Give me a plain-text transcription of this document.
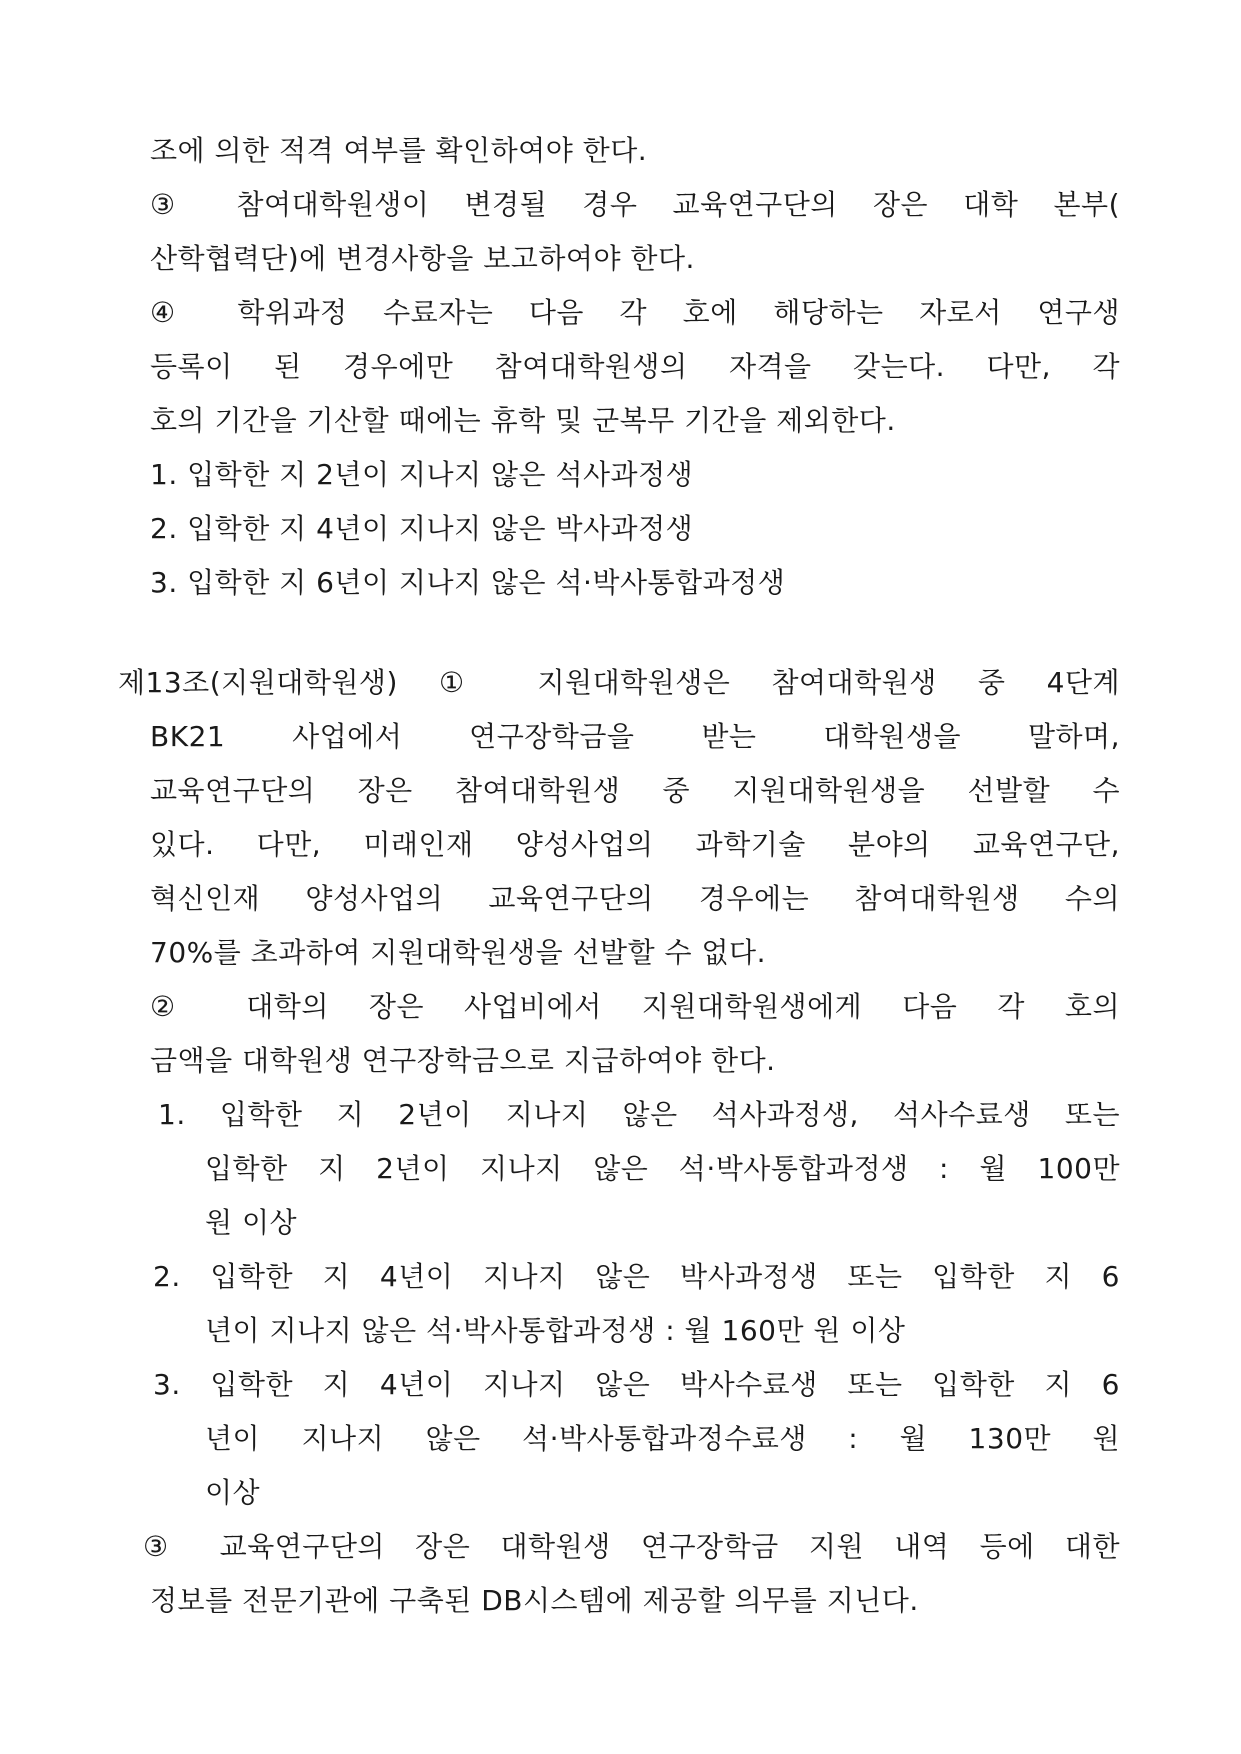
조에 의한 적격 여부를 확인하여야 한다.
③ 참여대학원생이 변경될 경우 교육연구단의 장은 대학 본부(
산학협력단)에 변경사항을 보고하여야 한다.
④ 학위과정 수료자는 다음 각 호에 해당하는 자로서 연구생
등록이 된 경우에만 참여대학원생의 자격을 갖는다. 다만, 각
호의 기간을 기산할 때에는 휴학 및 군복무 기간을 제외한다.
1. 입학한 지 2년이 지나지 않은 석사과정생
2. 입학한 지 4년이 지나지 않은 박사과정생
3. 입학한 지 6년이 지나지 않은 석·박사통합과정생
제13조(지원대학원생) ① 지원대학원생은 참여대학원생 중 4단계
BK21 사업에서 연구장학금을 받는 대학원생을 말하며,
교육연구단의 장은 참여대학원생 중 지원대학원생을 선발할 수
있다. 다만, 미래인재 양성사업의 과학기술 분야의 교육연구단,
혁신인재 양성사업의 교육연구단의 경우에는 참여대학원생 수의
70%를 초과하여 지원대학원생을 선발할 수 없다.
② 대학의 장은 사업비에서 지원대학원생에게 다음 각 호의
금액을 대학원생 연구장학금으로 지급하여야 한다.
1. 입학한 지 2년이 지나지 않은 석사과정생, 석사수료생 또는
입학한 지 2년이 지나지 않은 석·박사통합과정생 : 월 100만
원 이상
2. 입학한 지 4년이 지나지 않은 박사과정생 또는 입학한 지 6
년이 지나지 않은 석·박사통합과정생 : 월 160만 원 이상
3. 입학한 지 4년이 지나지 않은 박사수료생 또는 입학한 지 6
년이 지나지 않은 석·박사통합과정수료생 : 월 130만 원
이상
③ 교육연구단의 장은 대학원생 연구장학금 지원 내역 등에 대한
정보를 전문기관에 구축된 DB시스템에 제공할 의무를 지닌다.
